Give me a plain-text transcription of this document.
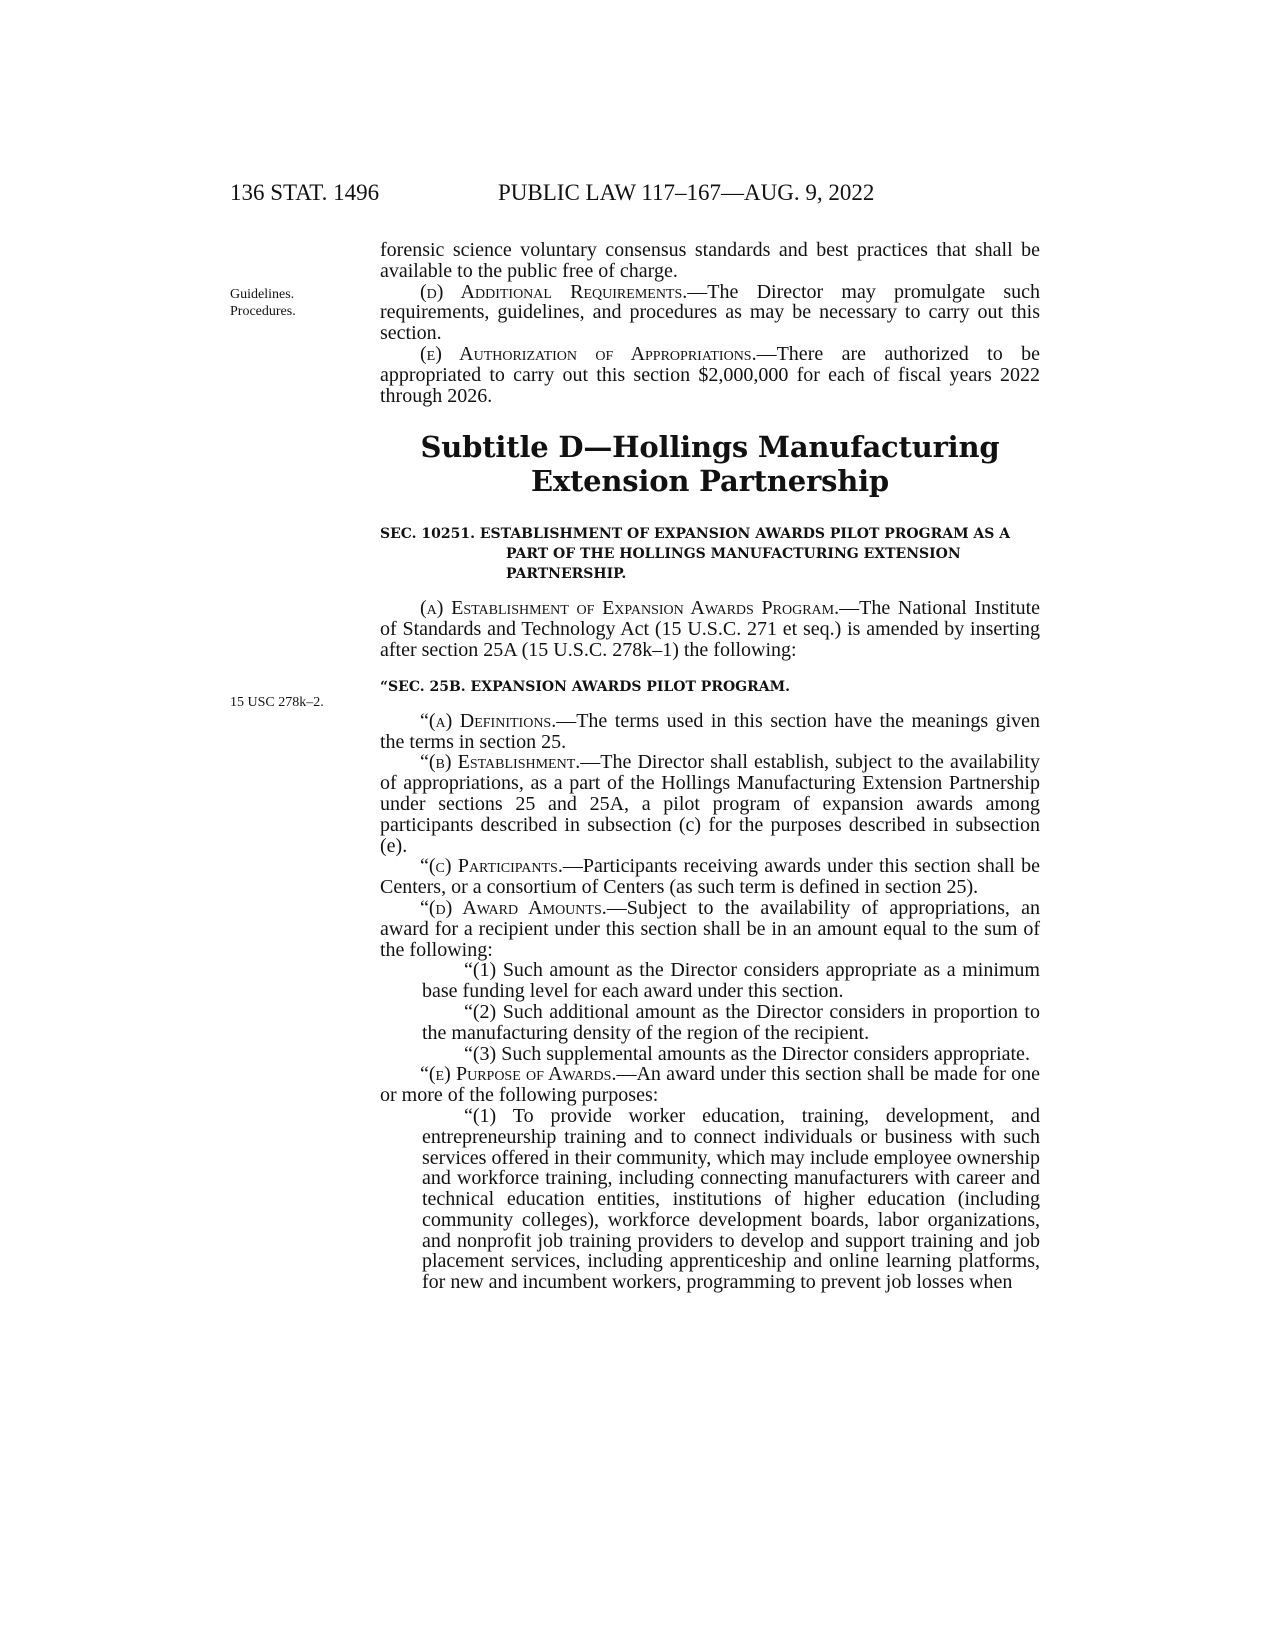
136 STAT. 1496	PUBLIC LAW 117–167—AUG. 9, 2022
Guidelines.
Procedures.
15 USC 278k–2.

forensic science voluntary consensus standards and best practices that shall be available to the public free of charge.

(d) Additional Requirements.—The Director may promulgate such requirements, guidelines, and procedures as may be necessary to carry out this section.

(e) Authorization of Appropriations.—There are authorized to be appropriated to carry out this section $2,000,000 for each of fiscal years 2022 through 2026.

Subtitle D—Hollings Manufacturing
Extension Partnership

SEC. 10251. ESTABLISHMENT OF EXPANSION AWARDS PILOT PROGRAM AS A PART OF THE HOLLINGS MANUFACTURING EXTENSION PARTNERSHIP.

(a) Establishment of Expansion Awards Program.—The National Institute of Standards and Technology Act (15 U.S.C. 271 et seq.) is amended by inserting after section 25A (15 U.S.C. 278k–1) the following:

“SEC. 25B. EXPANSION AWARDS PILOT PROGRAM.

“(a) Definitions.—The terms used in this section have the meanings given the terms in section 25.

“(b) Establishment.—The Director shall establish, subject to the availability of appropriations, as a part of the Hollings Manufacturing Extension Partnership under sections 25 and 25A, a pilot program of expansion awards among participants described in subsection (c) for the purposes described in subsection (e).

“(c) Participants.—Participants receiving awards under this section shall be Centers, or a consortium of Centers (as such term is defined in section 25).

“(d) Award Amounts.—Subject to the availability of appropriations, an award for a recipient under this section shall be in an amount equal to the sum of the following:

“(1) Such amount as the Director considers appropriate as a minimum base funding level for each award under this section.

“(2) Such additional amount as the Director considers in proportion to the manufacturing density of the region of the recipient.

“(3) Such supplemental amounts as the Director considers appropriate.

“(e) Purpose of Awards.—An award under this section shall be made for one or more of the following purposes:

“(1) To provide worker education, training, development, and entrepreneurship training and to connect individuals or business with such services offered in their community, which may include employee ownership and workforce training, including connecting manufacturers with career and technical education entities, institutions of higher education (including community colleges), workforce development boards, labor organizations, and nonprofit job training providers to develop and support training and job placement services, including apprenticeship and online learning platforms, for new and incumbent workers, programming to prevent job losses when
